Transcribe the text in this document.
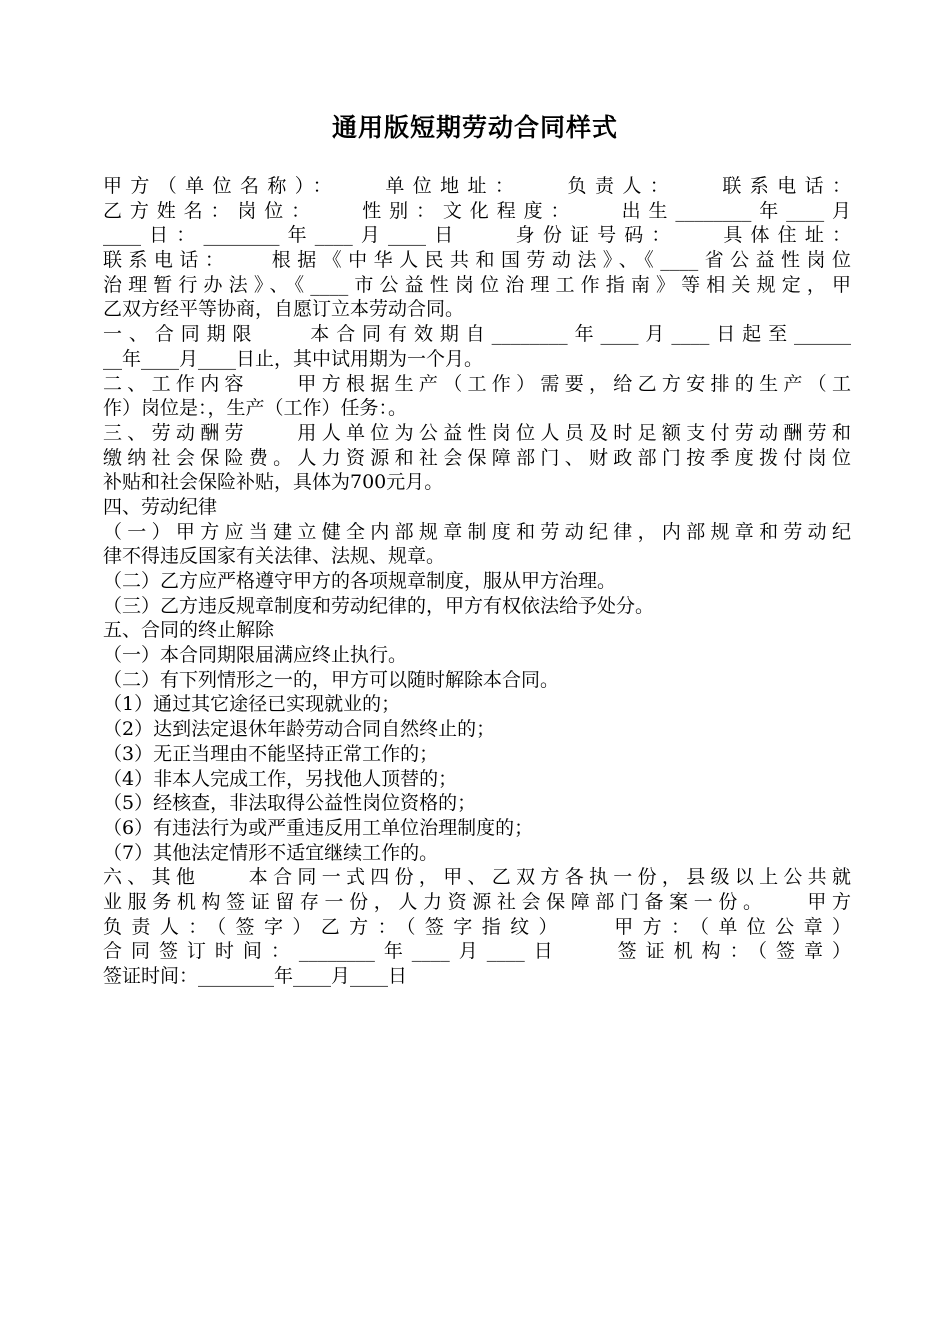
通用版短期劳动合同样式
甲方（单位名称）：　　单位地址：　　负责人：　　联系电话：
乙方姓名：岗位：　　性别：文化程度：　　出生________年____月
____日：________年____月____日　　身份证号码：　　具体住址：
联系电话：　　根据《中华人民共和国劳动法》、《____省公益性岗位
治理暂行办法》、《____市公益性岗位治理工作指南》等相关规定，甲
乙双方经平等协商，自愿订立本劳动合同。
一、合同期限　　本合同有效期自________年____月____日起至______
__年____月____日止，其中试用期为一个月。
二、工作内容　　甲方根据生产（工作）需要，给乙方安排的生产（工
作）岗位是：，生产（工作）任务：。
三、劳动酬劳　　用人单位为公益性岗位人员及时足额支付劳动酬劳和
缴纳社会保险费。人力资源和社会保障部门、财政部门按季度拨付岗位
补贴和社会保险补贴，具体为700元月。
四、劳动纪律
（一）甲方应当建立健全内部规章制度和劳动纪律，内部规章和劳动纪
律不得违反国家有关法律、法规、规章。
（二）乙方应严格遵守甲方的各项规章制度，服从甲方治理。
（三）乙方违反规章制度和劳动纪律的，甲方有权依法给予处分。
五、合同的终止解除
（一）本合同期限届满应终止执行。
（二）有下列情形之一的，甲方可以随时解除本合同。
（1）通过其它途径已实现就业的；
（2）达到法定退休年龄劳动合同自然终止的；
（3）无正当理由不能坚持正常工作的；
（4）非本人完成工作，另找他人顶替的；
（5）经核查，非法取得公益性岗位资格的；
（6）有违法行为或严重违反用工单位治理制度的；
（7）其他法定情形不适宜继续工作的。
六、其他　　本合同一式四份，甲、乙双方各执一份，县级以上公共就
业服务机构签证留存一份，人力资源社会保障部门备案一份。　　甲方
负责人：（签字）乙方：（签字指纹）　　甲方：（单位公章）
合同签订时间：________年____月____日　　签证机构：（签章）
签证时间：________年____月____日
